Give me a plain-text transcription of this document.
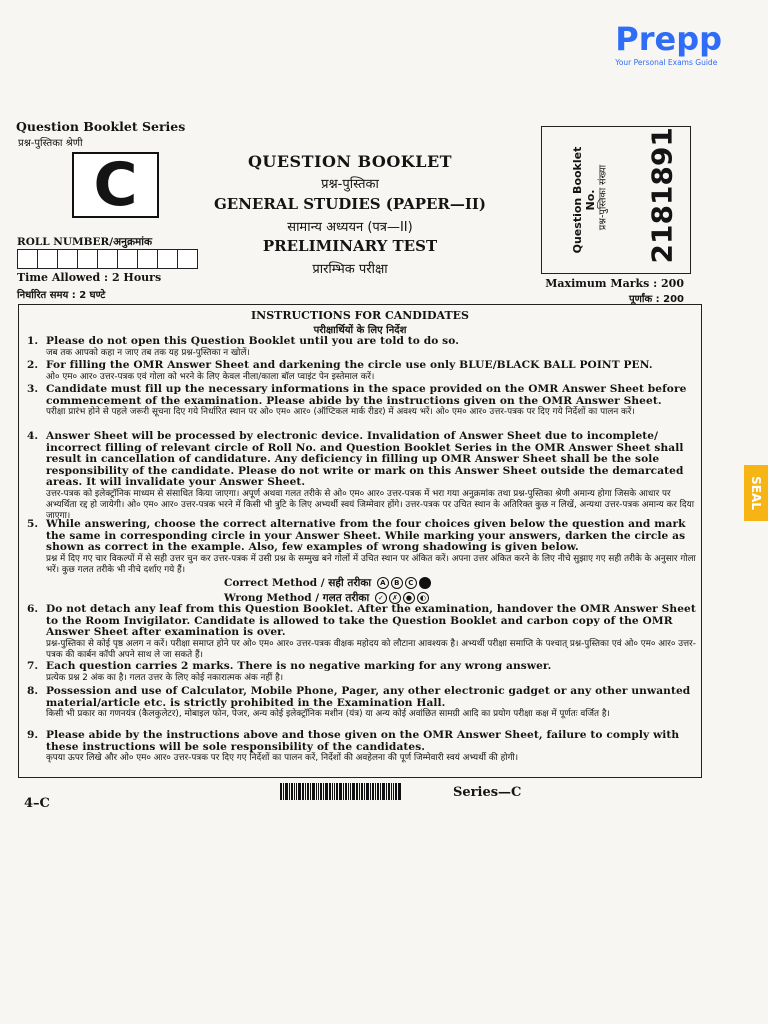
Prepp
Your Personal Exams Guide
Question Booklet Series
प्रश्न-पुस्तिका श्रेणी
C
ROLL NUMBER/अनुक्रमांक
Time Allowed : 2 Hours
निर्धारित समय : 2 घण्टे
QUESTION BOOKLET
प्रश्न-पुस्तिका
GENERAL STUDIES (PAPER—II)
सामान्य अध्ययन (पत्र—II)
PRELIMINARY TEST
प्रारम्भिक परीक्षा
Question Booklet No. प्रश्न-पुस्तिका संख्या 2181891
Maximum Marks : 200
पूर्णांक : 200
INSTRUCTIONS FOR CANDIDATES
परीक्षार्थियों के लिए निर्देश
1. Please do not open this Question Booklet until you are told to do so.
जब तक आपको कहा न जाए तब तक यह प्रश्न-पुस्तिका न खोलें।
2. For filling the OMR Answer Sheet and darkening the circle use only BLUE/BLACK BALL POINT PEN.
ओ० एम० आर० उत्तर-पत्रक एवं गोला को भरने के लिए केवल नीला/काला बॉल प्वाइंट पेन इस्तेमाल करें।
3. Candidate must fill up the necessary informations in the space provided on the OMR Answer Sheet before commencement of the examination. Please abide by the instructions given on the OMR Answer Sheet.
परीक्षा प्रारंभ होने से पहले जरूरी सूचना दिए गये निर्धारित स्थान पर ओ० एम० आर० (ऑप्टिकल मार्क रीडर) में अवश्य भरें। ओ० एम० आर० उत्तर-पत्रक पर दिए गये निर्देशों का पालन करें।
4. Answer Sheet will be processed by electronic device. Invalidation of Answer Sheet due to incomplete/ incorrect filling of relevant circle of Roll No. and Question Booklet Series in the OMR Answer Sheet shall result in cancellation of candidature. Any deficiency in filling up OMR Answer Sheet shall be the sole responsibility of the candidate. Please do not write or mark on this Answer Sheet outside the demarcated areas. It will invalidate your Answer Sheet.
उत्तर-पत्रक को इलेक्ट्रॉनिक माध्यम से संसाधित किया जाएगा। अपूर्ण अथवा गलत तरीके से ओ० एम० आर० उत्तर-पत्रक में भरा गया अनुक्रमांक तथा प्रश्न-पुस्तिका श्रेणी अमान्य होगा जिसके आधार पर अभ्यर्थिता रद्द हो जायेगी। ओ० एम० आर० उत्तर-पत्रक भरने में किसी भी त्रुटि के लिए अभ्यर्थी स्वयं जिम्मेवार होंगे। उत्तर-पत्रक पर उचित स्थान के अतिरिक्त कुछ न लिखें, अन्यथा उत्तर-पत्रक अमान्य कर दिया जाएगा।
5. While answering, choose the correct alternative from the four choices given below the question and mark the same in corresponding circle in your Answer Sheet. While marking your answers, darken the circle as shown as correct in the example. Also, few examples of wrong shadowing is given below.
प्रश्न में दिए गए चार विकल्पों में से सही उत्तर चुन कर उत्तर-पत्रक में उसी प्रश्न के सम्मुख बने गोलों में उचित स्थान पर अंकित करें। अपना उत्तर अंकित करने के लिए नीचे सुझाए गए सही तरीके के अनुसार गोला भरें। कुछ गलत तरीके भी नीचे दर्शाए गये हैं।
Correct Method / सही तरीका A B C
Wrong Method / गलत तरीका ✓ ✗ ● ◐
6. Do not detach any leaf from this Question Booklet. After the examination, handover the OMR Answer Sheet to the Room Invigilator. Candidate is allowed to take the Question Booklet and carbon copy of the OMR Answer Sheet after examination is over.
प्रश्न-पुस्तिका से कोई पृष्ठ अलग न करें। परीक्षा समाप्त होने पर ओ० एम० आर० उत्तर-पत्रक वीक्षक महोदय को लौटाना आवश्यक है। अभ्यर्थी परीक्षा समाप्ति के पश्चात् प्रश्न-पुस्तिका एवं ओ० एम० आर० उत्तर-पत्रक की कार्बन कॉपी अपने साथ ले जा सकते हैं।
7. Each question carries 2 marks. There is no negative marking for any wrong answer.
प्रत्येक प्रश्न 2 अंक का है। गलत उत्तर के लिए कोई नकारात्मक अंक नहीं है।
8. Possession and use of Calculator, Mobile Phone, Pager, any other electronic gadget or any other unwanted material/article etc. is strictly prohibited in the Examination Hall.
किसी भी प्रकार का गणनयंत्र (कैलकुलेटर), मोबाइल फोन, पेजर, अन्य कोई इलेक्ट्रॉनिक मशीन (यंत्र) या अन्य कोई अवांछित सामग्री आदि का प्रयोग परीक्षा कक्ष में पूर्णतः वर्जित है।
9. Please abide by the instructions above and those given on the OMR Answer Sheet, failure to comply with these instructions will be sole responsibility of the candidates.
कृपया ऊपर लिखे और ओ० एम० आर० उत्तर-पत्रक पर दिए गए निर्देशों का पालन करें, निर्देशों की अवहेलना की पूर्ण जिम्मेवारी स्वयं अभ्यर्थी की होगी।
4–C
Series—C
SEAL
